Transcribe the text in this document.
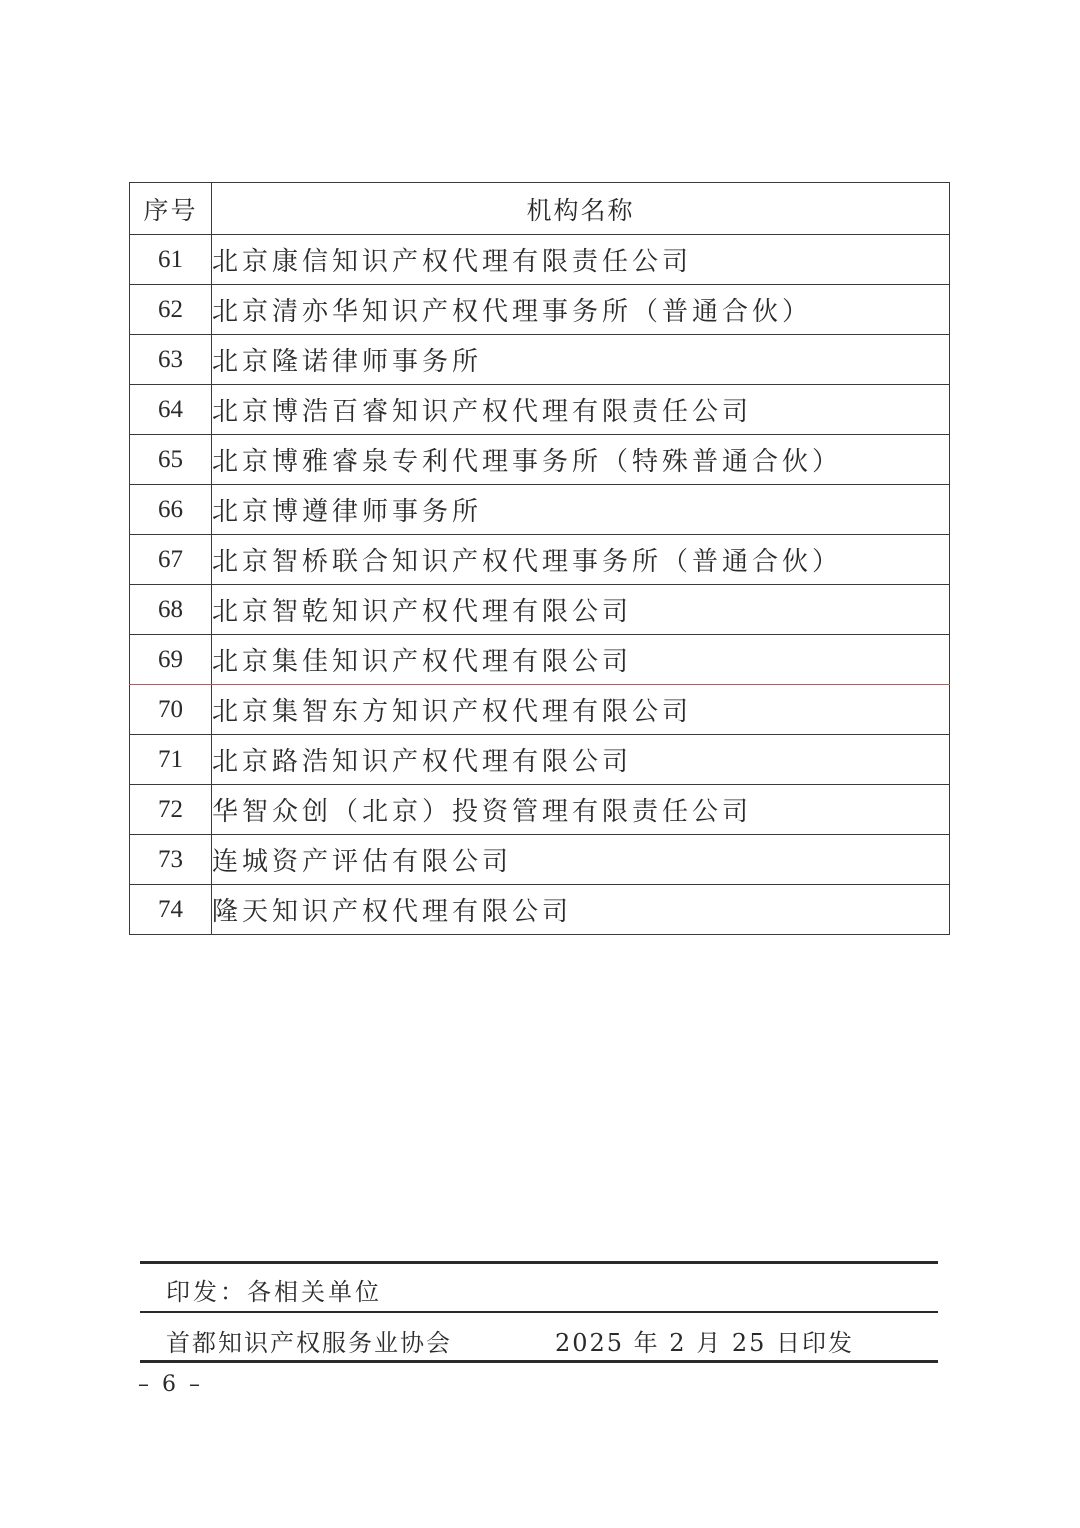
序号	机构名称
61	北京康信知识产权代理有限责任公司
62	北京清亦华知识产权代理事务所（普通合伙）
63	北京隆诺律师事务所
64	北京博浩百睿知识产权代理有限责任公司
65	北京博雅睿泉专利代理事务所（特殊普通合伙）
66	北京博遵律师事务所
67	北京智桥联合知识产权代理事务所（普通合伙）
68	北京智乾知识产权代理有限公司
69	北京集佳知识产权代理有限公司
70	北京集智东方知识产权代理有限公司
71	北京路浩知识产权代理有限公司
72	华智众创（北京）投资管理有限责任公司
73	连城资产评估有限公司
74	隆天知识产权代理有限公司
印发：各相关单位
首都知识产权服务业协会	2025 年 2 月 25 日印发
– 6 –
